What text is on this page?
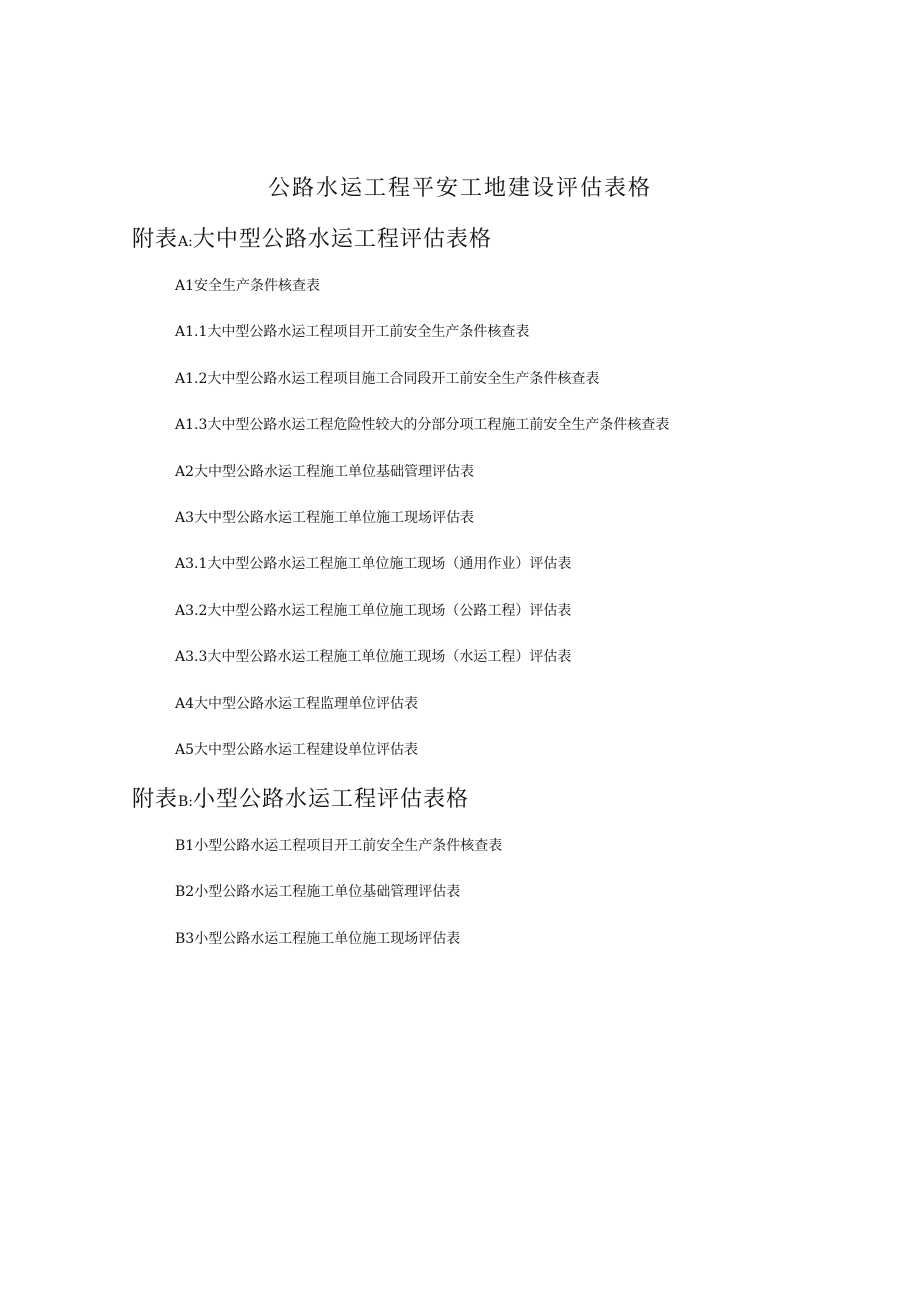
公路水运工程平安工地建设评估表格
附表A:大中型公路水运工程评估表格
A1安全生产条件核查表
A1.1大中型公路水运工程项目开工前安全生产条件核查表
A1.2大中型公路水运工程项目施工合同段开工前安全生产条件核查表
A1.3大中型公路水运工程危险性较大的分部分项工程施工前安全生产条件核查表
A2大中型公路水运工程施工单位基础管理评估表
A3大中型公路水运工程施工单位施工现场评估表
A3.1大中型公路水运工程施工单位施工现场（通用作业）评估表
A3.2大中型公路水运工程施工单位施工现场（公路工程）评估表
A3.3大中型公路水运工程施工单位施工现场（水运工程）评估表
A4大中型公路水运工程监理单位评估表
A5大中型公路水运工程建设单位评估表
附表B:小型公路水运工程评估表格
B1小型公路水运工程项目开工前安全生产条件核查表
B2小型公路水运工程施工单位基础管理评估表
B3小型公路水运工程施工单位施工现场评估表
